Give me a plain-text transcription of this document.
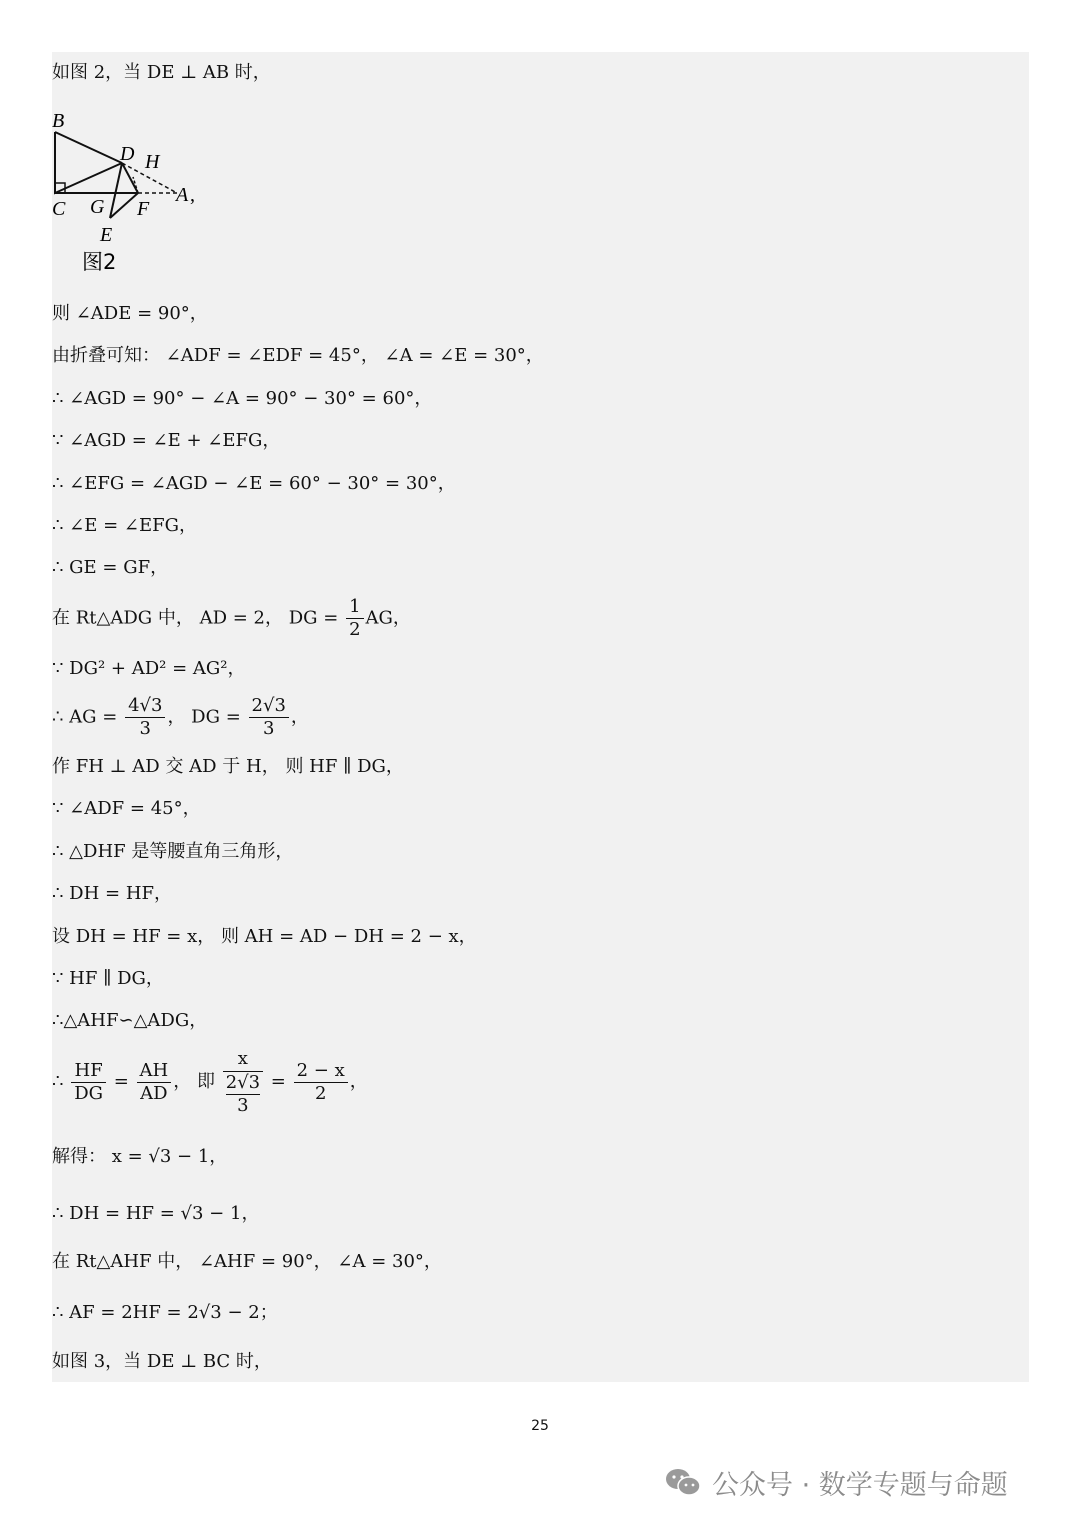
如图 2，当 DE ⊥ AB 时，
B
C
D H
A ,
G F
E
图2
则 ∠ADE = 90°，
由折叠可知： ∠ADF = ∠EDF = 45°， ∠A = ∠E = 30°，
∴ ∠AGD = 90° − ∠A = 90° − 30° = 60°，
∵ ∠AGD = ∠E + ∠EFG，
∴ ∠EFG = ∠AGD − ∠E = 60° − 30° = 30°，
∴ ∠E = ∠EFG，
∴ GE = GF，
在 Rt△ADG 中， AD = 2， DG = $\frac{1}{2}$ AG，
∵ DG² + AD² = AG²，
∴ AG = $\frac{4√3}{3}$ ， DG = $\frac{2√3}{3}$ ，
作 FH ⊥ AD 交 AD 于 H， 则 HF ∥ DG，
∵ ∠ADF = 45°，
∴ △DHF 是等腰直角三角形，
∴ DH = HF，
设 DH = HF = x， 则 AH = AD − DH = 2 − x，
∵ HF ∥ DG，
∴△AHF∽△ADG，
∴ $\frac{HF}{DG} = \frac{AH}{AD}$ ， 即 $\frac{x}{\frac{2√3}{3}} = \frac{2 - x}{2}$ ，
解得： x = √3 − 1，
∴ DH = HF = √3 − 1，
在 Rt△AHF 中， ∠AHF = 90°， ∠A = 30°，
∴ AF = 2HF = 2√3 − 2；
如图 3，当 DE ⊥ BC 时，
25
公众号 · 数学专题与命题
